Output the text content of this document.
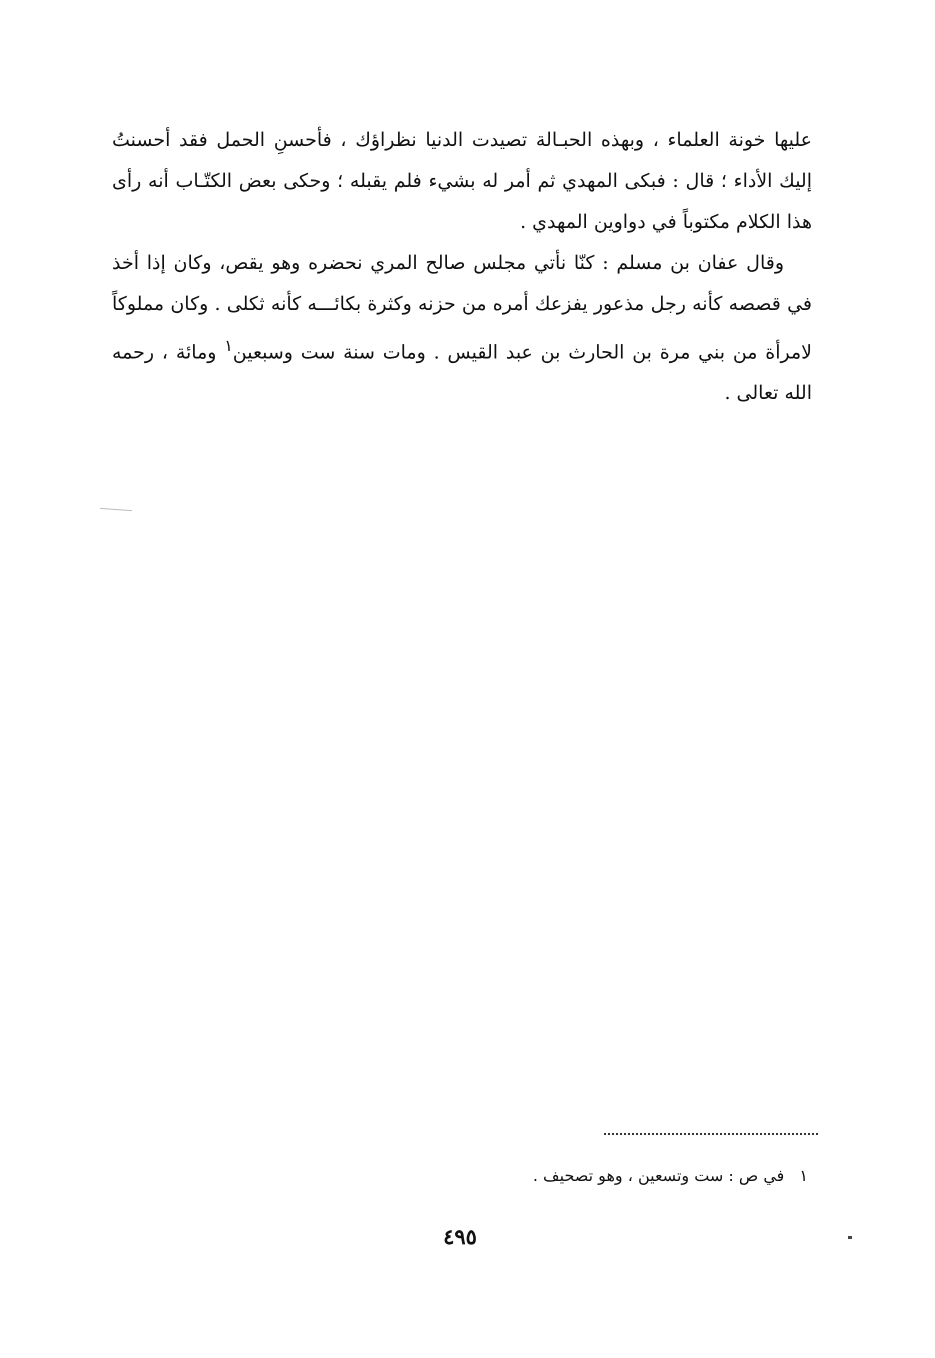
عليها خونة العلماء ، وبهذه الحبـالة تصيدت الدنيا نظراؤك ، فأحسنِ الحمل فقد أحسنتُ إليك الأداء ؛ قال : فبكى المهدي ثم أمر له بشيء فلم يقبله ؛ وحكى بعض الكتّـاب أنه رأى هذا الكلام مكتوباً في دواوين المهدي .

وقال عفان بن مسلم : كنّا نأتي مجلس صالح المري نحضره وهو يقص، وكان إذا أخذ في قصصه كأنه رجل مذعور يفزعك أمره من حزنه وكثرة بكائـــه كأنه ثكلى . وكان مملوكاً لامرأة من بني مرة بن الحارث بن عبد القيس . ومات سنة ست وسبعين$^١$ ومائة ، رحمه الله تعالى .

١ في ص : ست وتسعين ، وهو تصحيف .
٤٩٥
